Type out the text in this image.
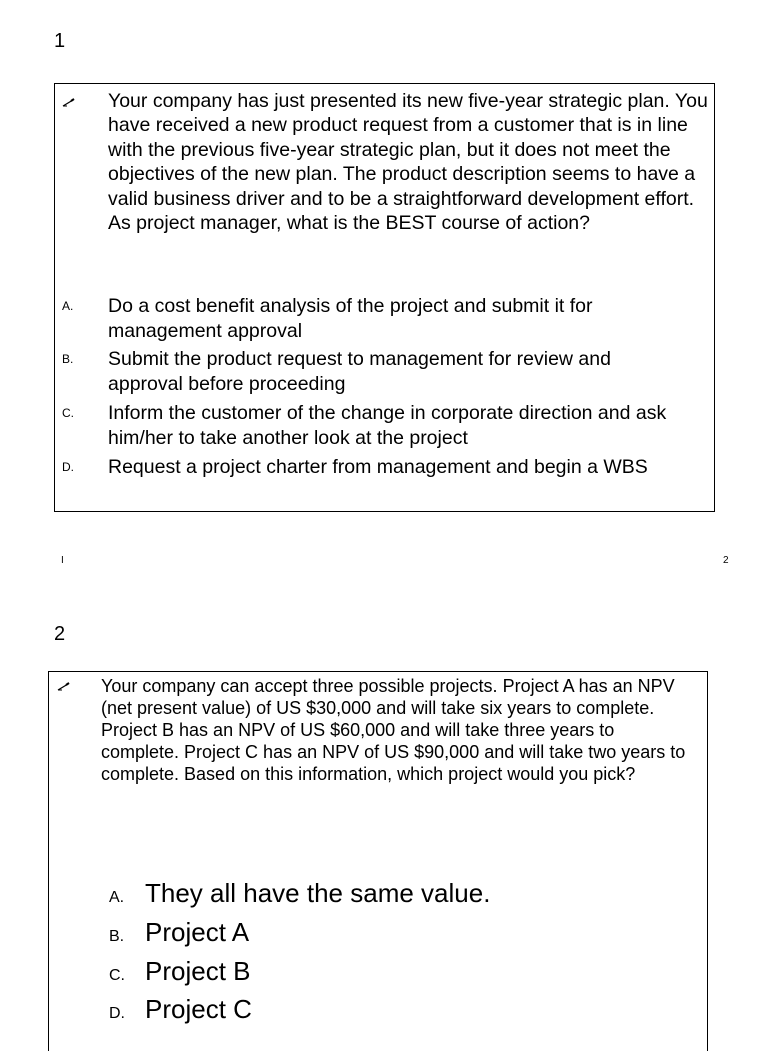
1
Your company has just presented its new five-year strategic plan. You have received a new product request from a customer that is in line with the previous five-year strategic plan, but it does not meet the objectives of the new plan. The product description seems to have a valid business driver and to be a straightforward development effort. As project manager, what is the BEST course of action?
A.	Do a cost benefit analysis of the project and submit it for management approval
B.	Submit the product request to management for review and approval before proceeding
C.	Inform the customer of the change in corporate direction and ask him/her to take another look at the project
D.	Request a project charter from management and begin a WBS
I	2
2
Your company can accept three possible projects. Project A has an NPV (net present value) of US $30,000 and will take six years to complete. Project B has an NPV of US $60,000 and will take three years to complete. Project C has an NPV of US $90,000 and will take two years to complete. Based on this information, which project would you pick?
A. They all have the same value.
B. Project A
C. Project B
D. Project C
